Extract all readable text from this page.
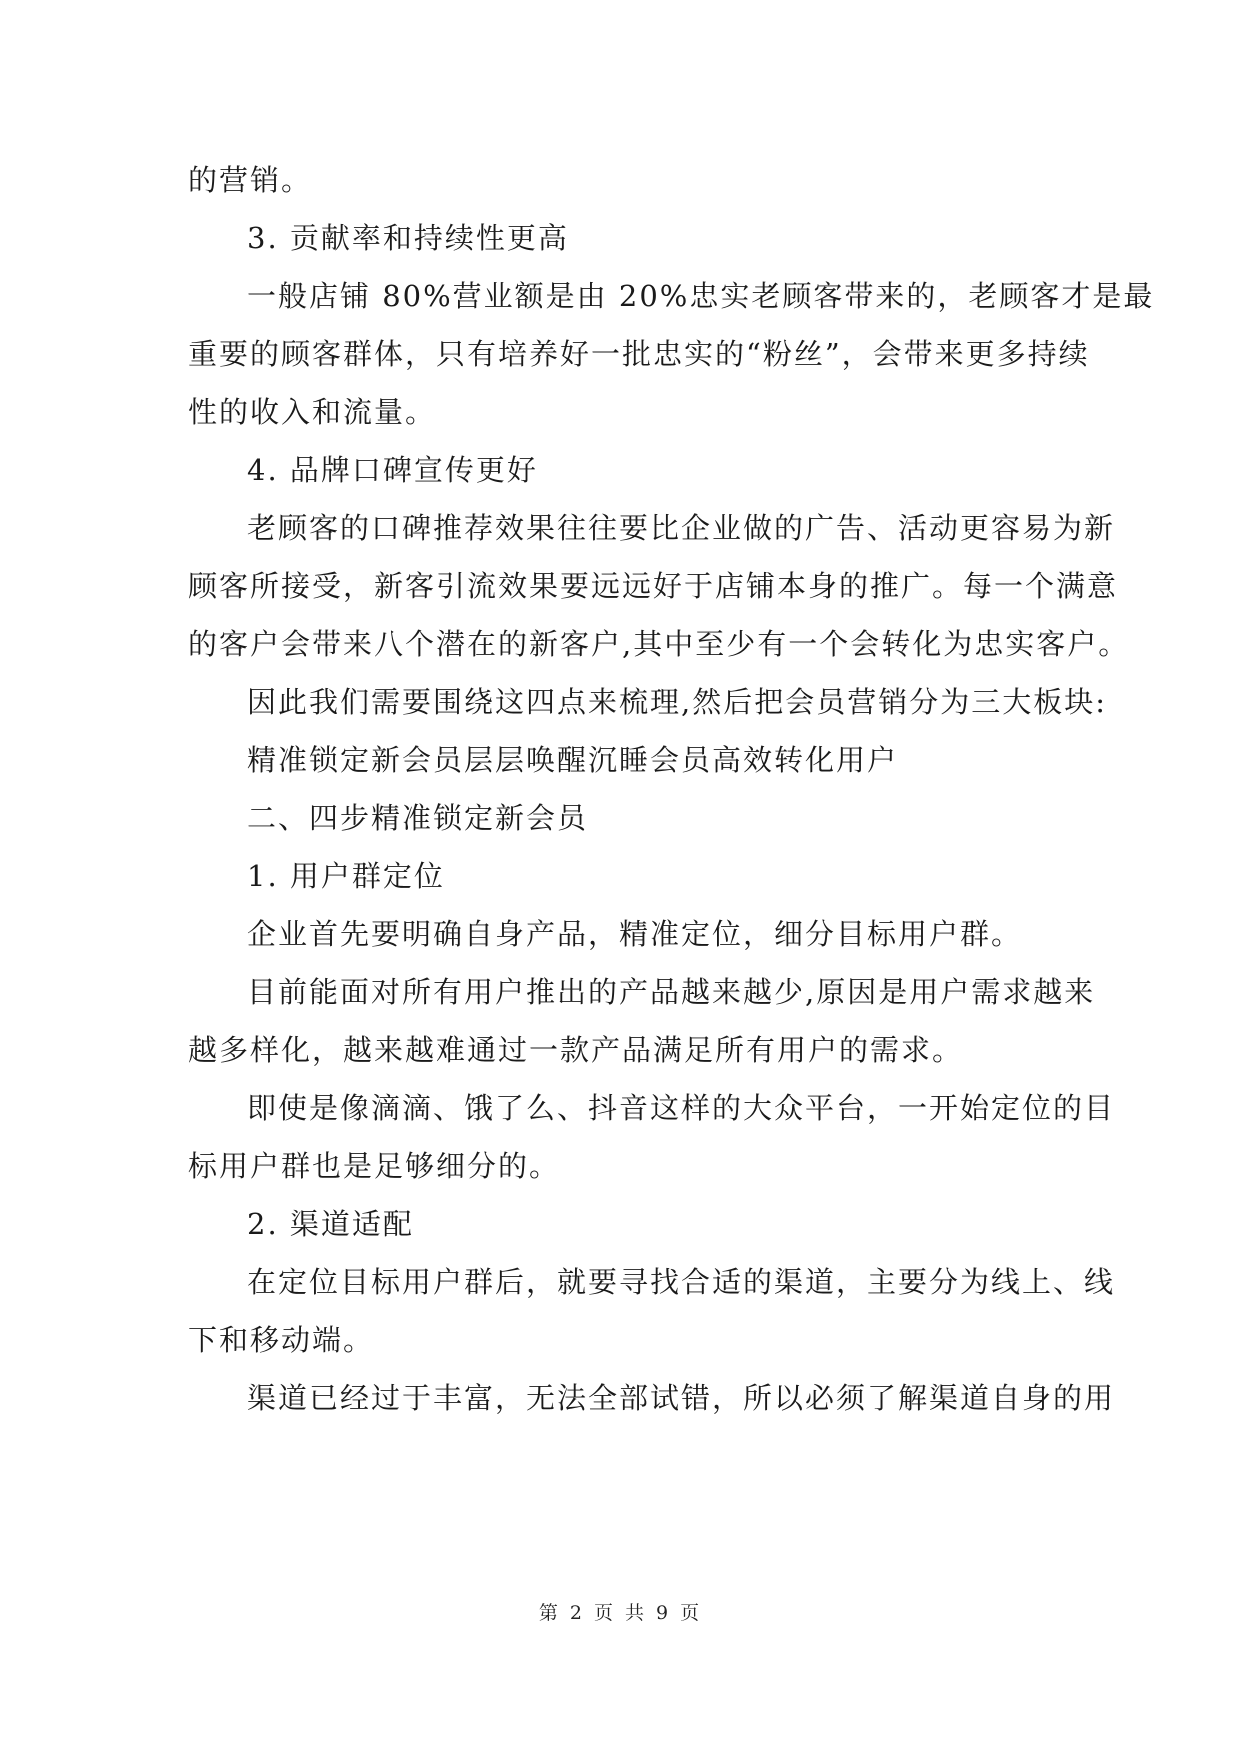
的营销。
3. 贡献率和持续性更高
一般店铺 80%营业额是由 20%忠实老顾客带来的，老顾客才是最
重要的顾客群体，只有培养好一批忠实的“粉丝”，会带来更多持续
性的收入和流量。
4. 品牌口碑宣传更好
老顾客的口碑推荐效果往往要比企业做的广告、活动更容易为新
顾客所接受，新客引流效果要远远好于店铺本身的推广。每一个满意
的客户会带来八个潜在的新客户,其中至少有一个会转化为忠实客户。
因此我们需要围绕这四点来梳理,然后把会员营销分为三大板块:
精准锁定新会员层层唤醒沉睡会员高效转化用户
二、四步精准锁定新会员
1. 用户群定位
企业首先要明确自身产品，精准定位，细分目标用户群。
目前能面对所有用户推出的产品越来越少,原因是用户需求越来
越多样化，越来越难通过一款产品满足所有用户的需求。
即使是像滴滴、饿了么、抖音这样的大众平台，一开始定位的目
标用户群也是足够细分的。
2. 渠道适配
在定位目标用户群后，就要寻找合适的渠道，主要分为线上、线
下和移动端。
渠道已经过于丰富，无法全部试错，所以必须了解渠道自身的用
第 2 页 共 9 页
